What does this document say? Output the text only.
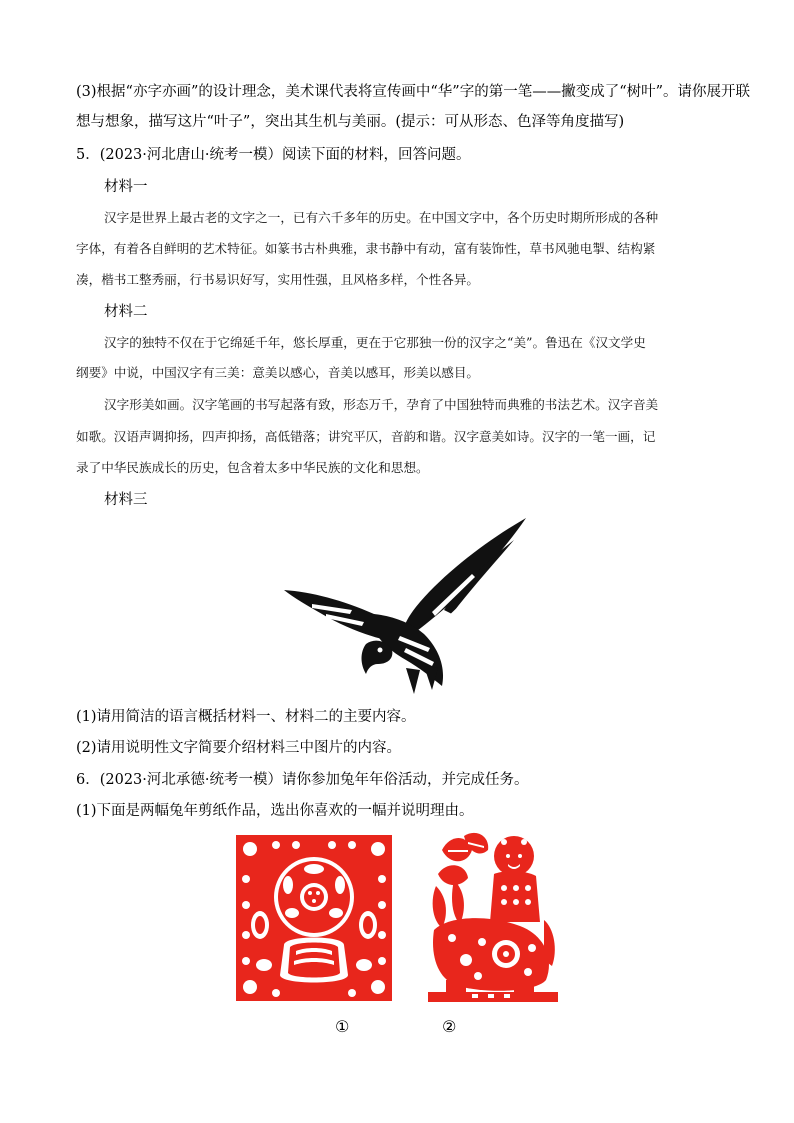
(3)根据“亦字亦画”的设计理念，美术课代表将宣传画中“华”字的第一笔——撇变成了“树叶”。请你展开联
想与想象，描写这片“叶子”，突出其生机与美丽。(提示：可从形态、色泽等角度描写)
5．(2023·河北唐山·统考一模）阅读下面的材料，回答问题。
材料一
汉字是世界上最古老的文字之一，已有六千多年的历史。在中国文字中，各个历史时期所形成的各种
字体，有着各自鲜明的艺术特征。如篆书古朴典雅，隶书静中有动，富有装饰性，草书风驰电掣、结构紧
凑，楷书工整秀丽，行书易识好写，实用性强，且风格多样，个性各异。
材料二
汉字的独特不仅在于它绵延千年，悠长厚重，更在于它那独一份的汉字之“美”。鲁迅在《汉文学史
纲要》中说，中国汉字有三美：意美以感心，音美以感耳，形美以感目。
汉字形美如画。汉字笔画的书写起落有致，形态万千，孕育了中国独特而典雅的书法艺术。汉字音美
如歌。汉语声调抑扬，四声抑扬，高低错落；讲究平仄，音韵和谐。汉字意美如诗。汉字的一笔一画，记
录了中华民族成长的历史，包含着太多中华民族的文化和思想。
材料三
(1)请用简洁的语言概括材料一、材料二的主要内容。
(2)请用说明性文字简要介绍材料三中图片的内容。
6．(2023·河北承德·统考一模）请你参加兔年年俗活动，并完成任务。
(1)下面是两幅兔年剪纸作品，选出你喜欢的一幅并说明理由。
①	②
